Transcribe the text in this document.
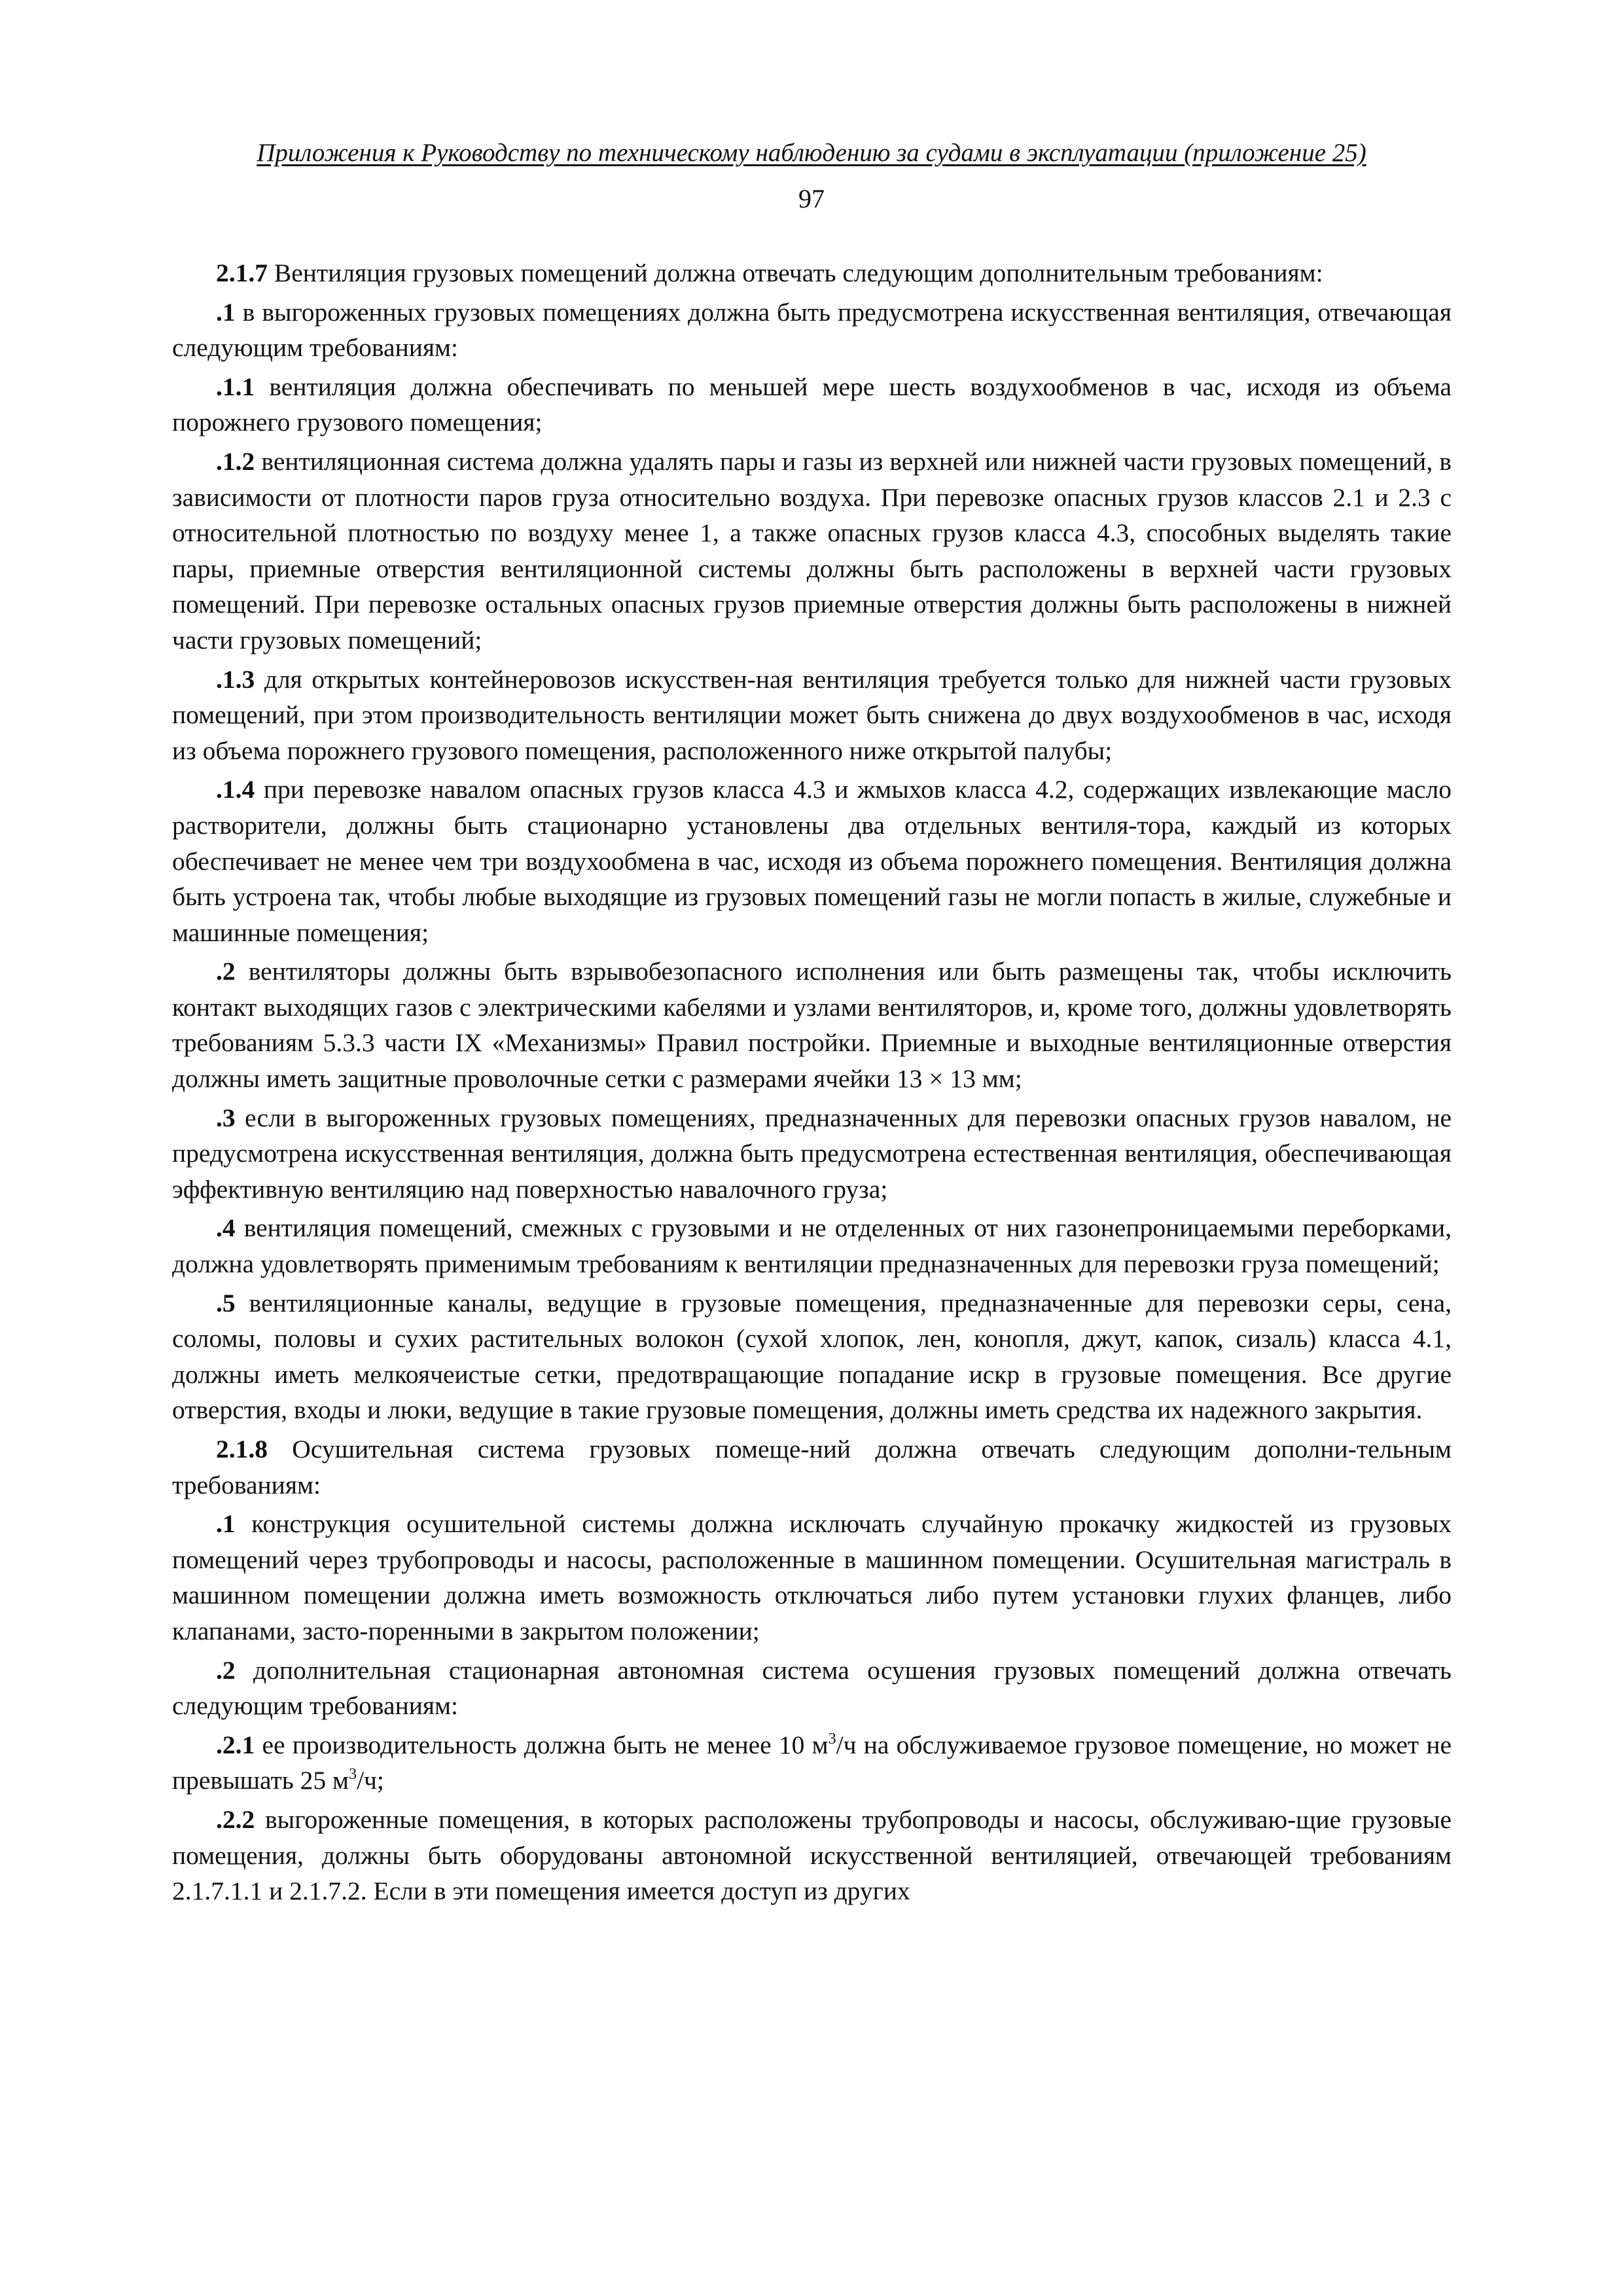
Приложения к Руководству по техническому наблюдению за судами в эксплуатации (приложение 25)
97

2.1.7 Вентиляция грузовых помещений должна отвечать следующим дополнительным требованиям:

.1 в выгороженных грузовых помещениях должна быть предусмотрена искусственная вентиляция, отвечающая следующим требованиям:

.1.1 вентиляция должна обеспечивать по меньшей мере шесть воздухообменов в час, исходя из объема порожнего грузового помещения;

.1.2 вентиляционная система должна удалять пары и газы из верхней или нижней части грузовых помещений, в зависимости от плотности паров груза относительно воздуха. При перевозке опасных грузов классов 2.1 и 2.3 с относительной плотностью по воздуху менее 1, а также опасных грузов класса 4.3, способных выделять такие пары, приемные отверстия вентиляционной системы должны быть расположены в верхней части грузовых помещений. При перевозке остальных опасных грузов приемные отверстия должны быть расположены в нижней части грузовых помещений;

.1.3 для открытых контейнеровозов искусствен-ная вентиляция требуется только для нижней части грузовых помещений, при этом производительность вентиляции может быть снижена до двух воздухообменов в час, исходя из объема порожнего грузового помещения, расположенного ниже открытой палубы;

.1.4 при перевозке навалом опасных грузов класса 4.3 и жмыхов класса 4.2, содержащих извлекающие масло растворители, должны быть стационарно установлены два отдельных вентиля-тора, каждый из которых обеспечивает не менее чем три воздухообмена в час, исходя из объема порожнего помещения. Вентиляция должна быть устроена так, чтобы любые выходящие из грузовых помещений газы не могли попасть в жилые, служебные и машинные помещения;

.2 вентиляторы должны быть взрывобезопасного исполнения или быть размещены так, чтобы исключить контакт выходящих газов с электрическими кабелями и узлами вентиляторов, и, кроме того, должны удовлетворять требованиям 5.3.3 части IX «Механизмы» Правил постройки. Приемные и выходные вентиляционные отверстия должны иметь защитные проволочные сетки с размерами ячейки 13 × 13 мм;

.3 если в выгороженных грузовых помещениях, предназначенных для перевозки опасных грузов навалом, не предусмотрена искусственная вентиляция, должна быть предусмотрена естественная вентиляция, обеспечивающая эффективную вентиляцию над поверхностью навалочного груза;

.4 вентиляция помещений, смежных с грузовыми и не отделенных от них газонепроницаемыми переборками, должна удовлетворять применимым требованиям к вентиляции предназначенных для перевозки груза помещений;

.5 вентиляционные каналы, ведущие в грузовые помещения, предназначенные для перевозки серы, сена, соломы, половы и сухих растительных волокон (сухой хлопок, лен, конопля, джут, капок, сизаль) класса 4.1, должны иметь мелкоячеистые сетки, предотвращающие попадание искр в грузовые помещения. Все другие отверстия, входы и люки, ведущие в такие грузовые помещения, должны иметь средства их надежного закрытия.

2.1.8 Осушительная система грузовых помеще-ний должна отвечать следующим дополни-тельным требованиям:

.1 конструкция осушительной системы должна исключать случайную прокачку жидкостей из грузовых помещений через трубопроводы и насосы, расположенные в машинном помещении. Осушительная магистраль в машинном помещении должна иметь возможность отключаться либо путем установки глухих фланцев, либо клапанами, засто-поренными в закрытом положении;

.2 дополнительная стационарная автономная система осушения грузовых помещений должна отвечать следующим требованиям:

.2.1 ее производительность должна быть не менее 10 $м^3/ч$ на обслуживаемое грузовое помещение, но может не превышать 25 $м^3/ч$;

.2.2 выгороженные помещения, в которых расположены трубопроводы и насосы, обслуживаю-щие грузовые помещения, должны быть оборудованы автономной искусственной вентиляцией, отвечающей требованиям 2.1.7.1.1 и 2.1.7.2. Если в эти помещения имеется доступ из других
